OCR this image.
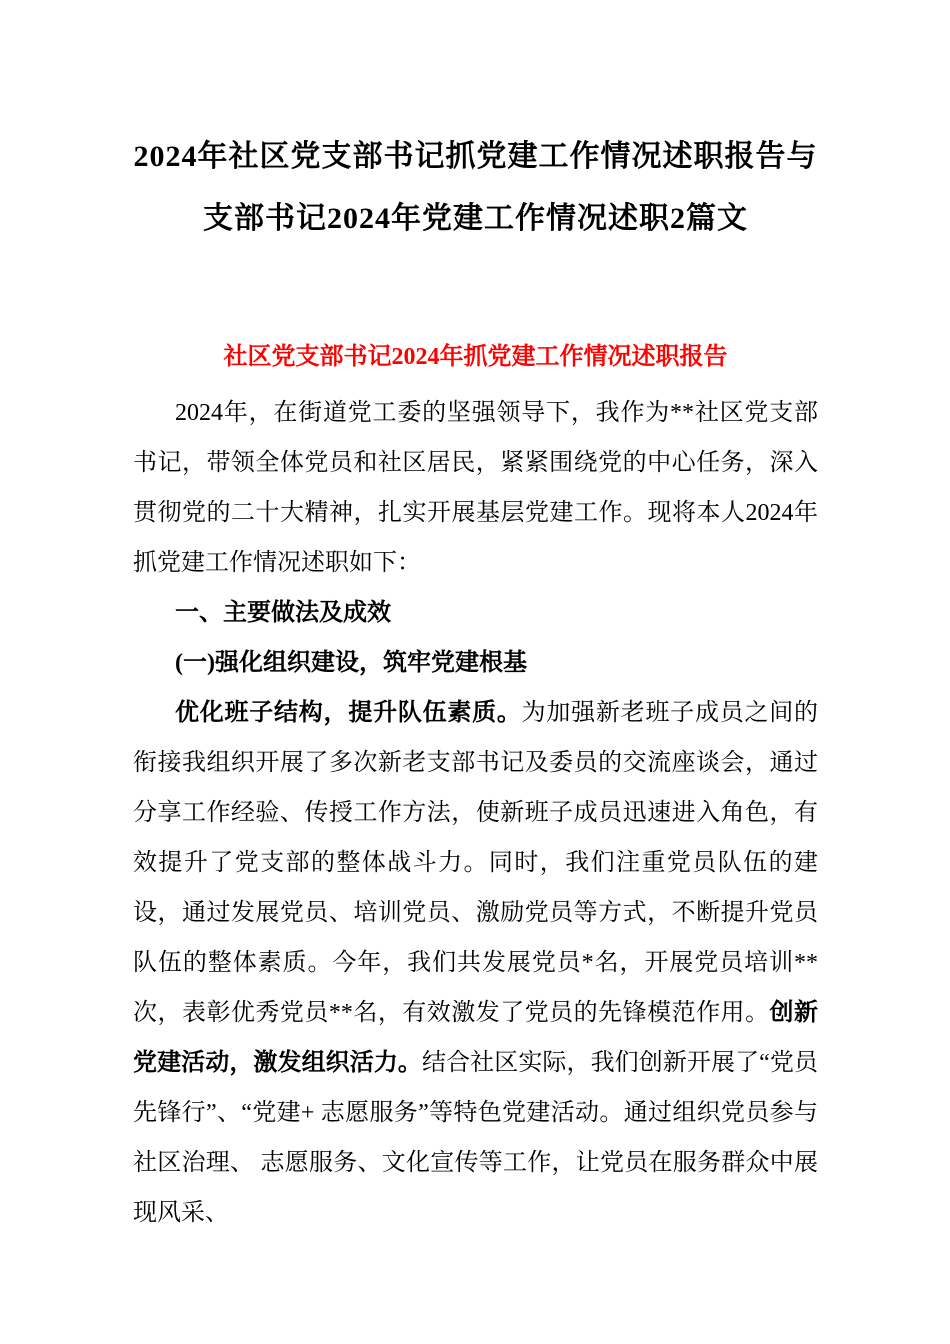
2024年社区党支部书记抓党建工作情况述职报告与
支部书记2024年党建工作情况述职2篇文
社区党支部书记2024年抓党建工作情况述职报告

2024年，在街道党工委的坚强领导下，我作为**社区党支部书记，带领全体党员和社区居民，紧紧围绕党的中心任务，深入贯彻党的二十大精神，扎实开展基层党建工作。现将本人2024年抓党建工作情况述职如下：

一、主要做法及成效

(一)强化组织建设，筑牢党建根基

优化班子结构，提升队伍素质。为加强新老班子成员之间的衔接我组织开展了多次新老支部书记及委员的交流座谈会，通过分享工作经验、传授工作方法，使新班子成员迅速进入角色，有效提升了党支部的整体战斗力。同时，我们注重党员队伍的建设，通过发展党员、培训党员、激励党员等方式，不断提升党员队伍的整体素质。今年，我们共发展党员*名，开展党员培训**次，表彰优秀党员**名，有效激发了党员的先锋模范作用。创新党建活动，激发组织活力。结合社区实际，我们创新开展了“党员先锋行”、“党建+ 志愿服务”等特色党建活动。通过组织党员参与社区治理、 志愿服务、文化宣传等工作，让党员在服务群众中展现风采、
